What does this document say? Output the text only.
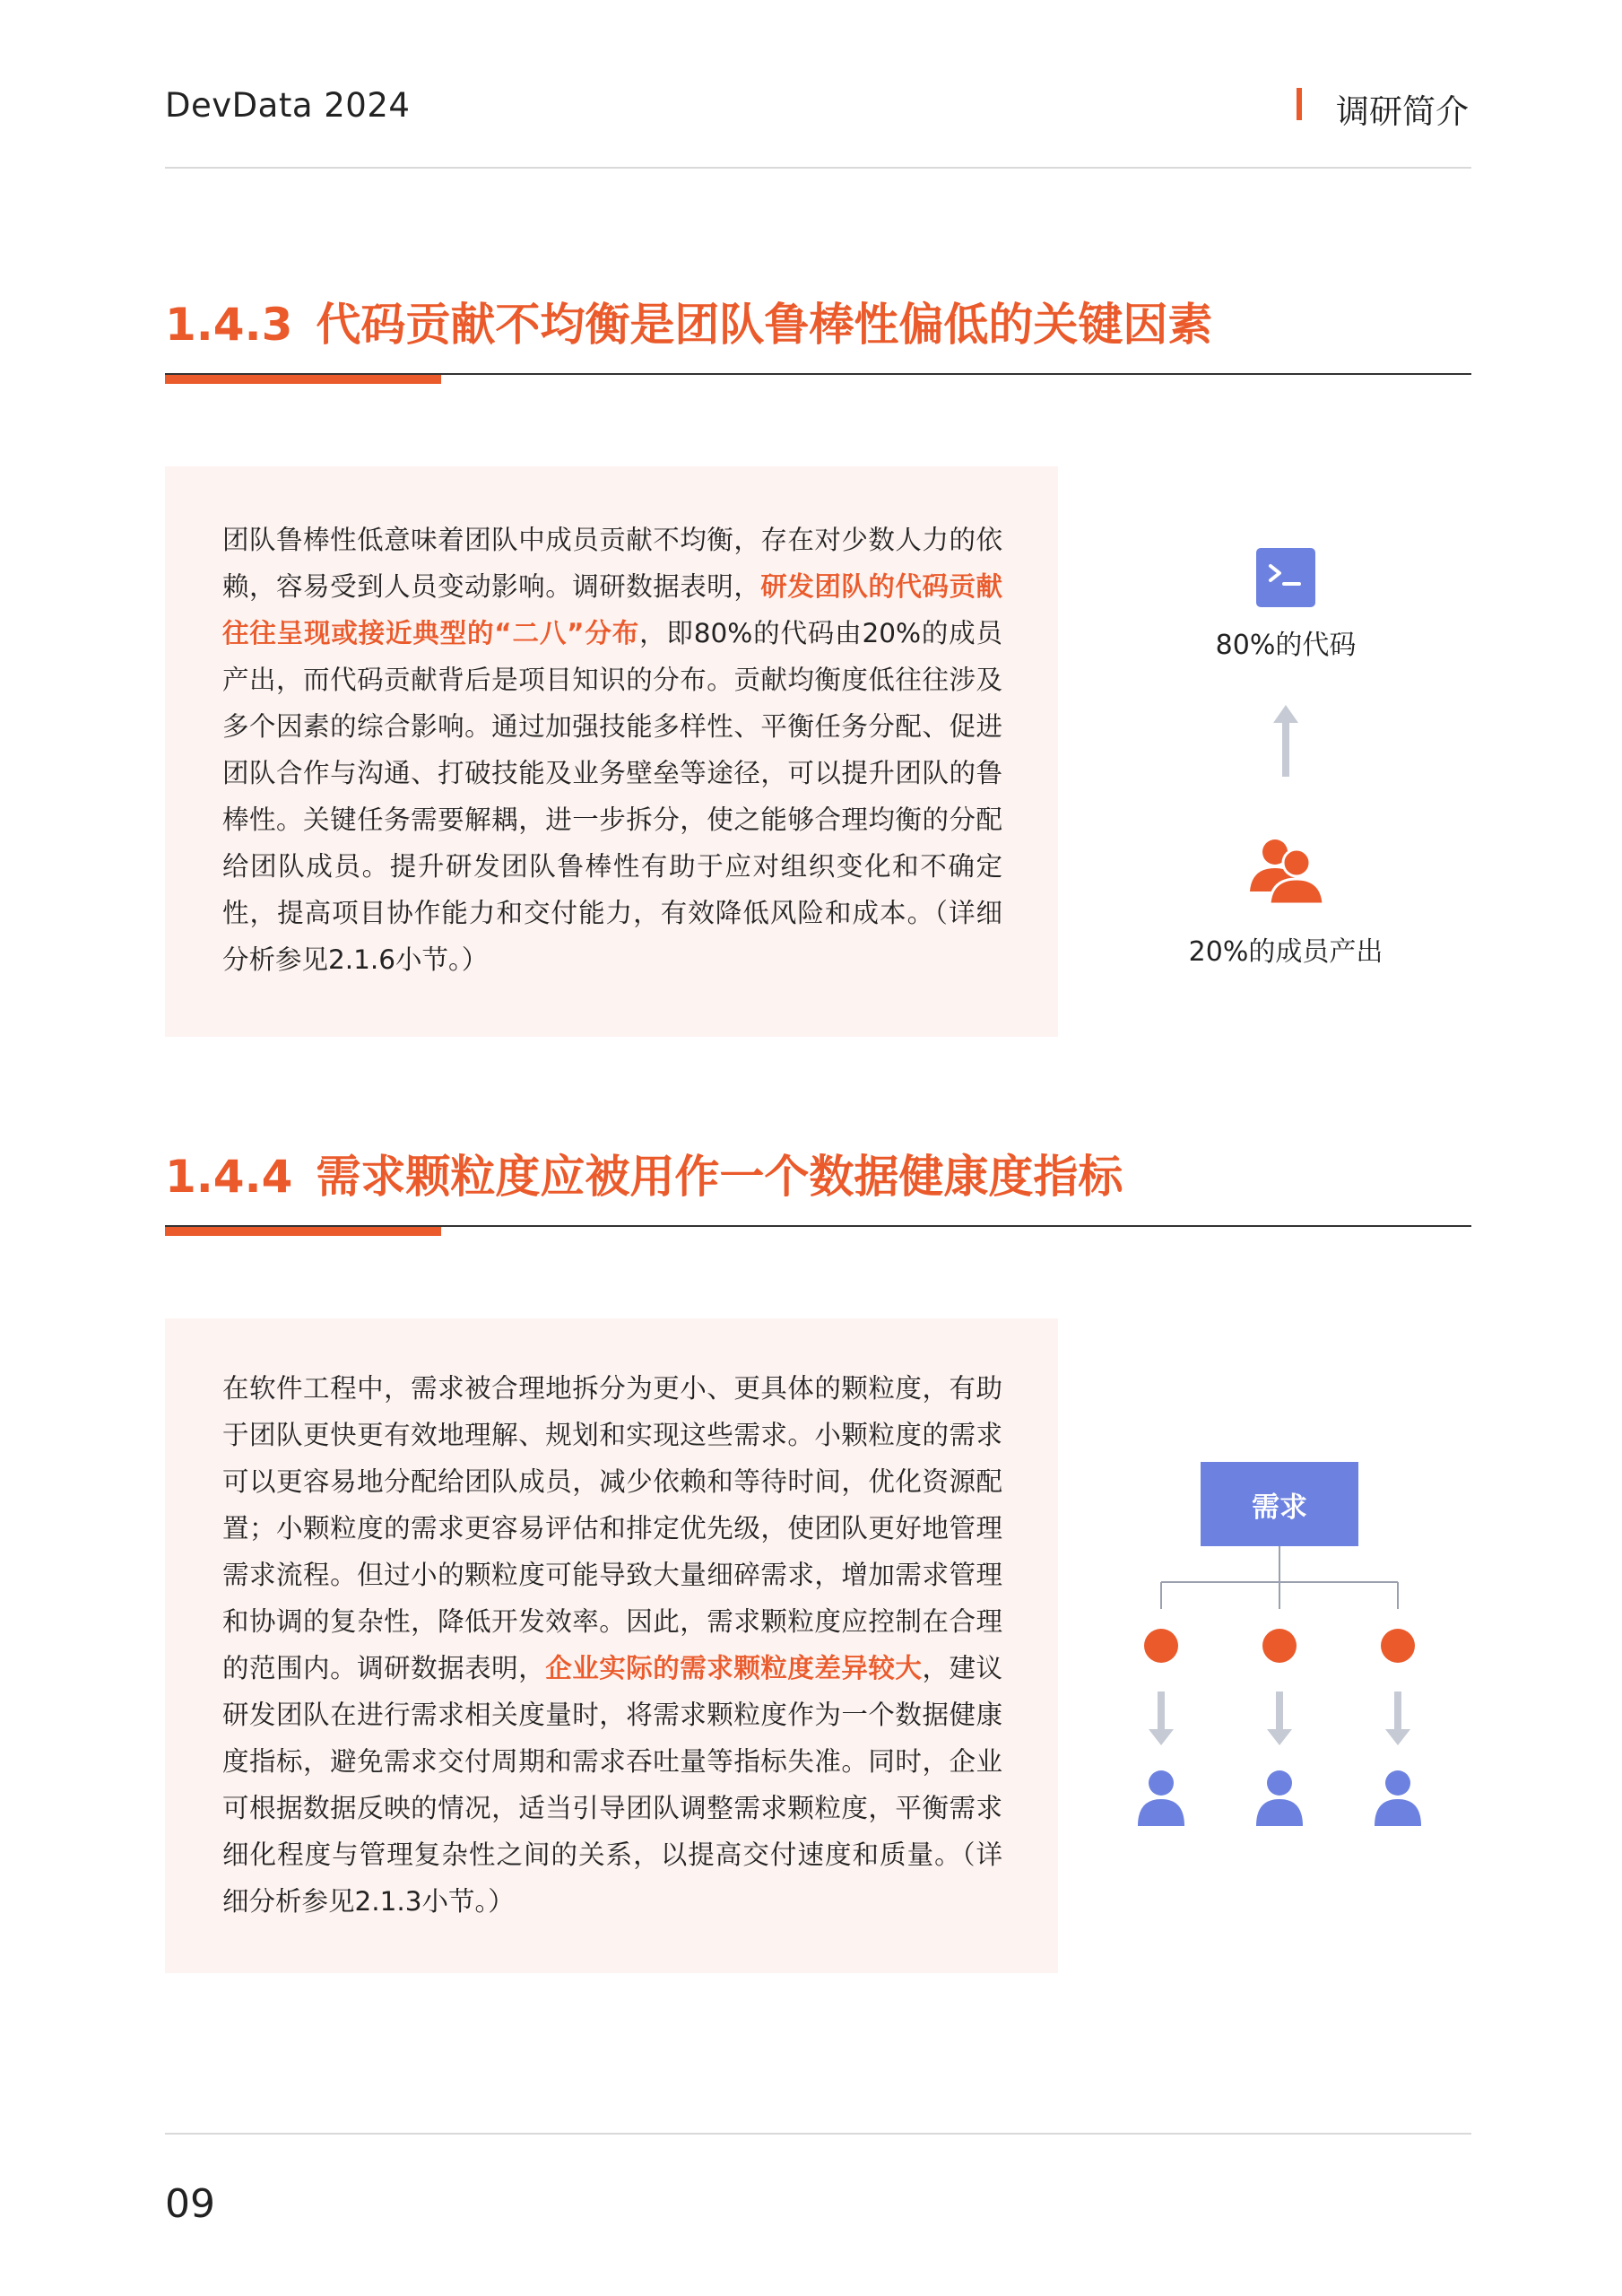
DevData 2024	调研简介
1.4.3 代码贡献不均衡是团队鲁棒性偏低的关键因素

团队鲁棒性低意味着团队中成员贡献不均衡，存在对少数人力的依赖，容易受到人员变动影响。调研数据表明，研发团队的代码贡献往往呈现或接近典型的“二八”分布，即80%的代码由20%的成员产出，而代码贡献背后是项目知识的分布。贡献均衡度低往往涉及多个因素的综合影响。通过加强技能多样性、平衡任务分配、促进团队合作与沟通、打破技能及业务壁垒等途径，可以提升团队的鲁棒性。关键任务需要解耦，进一步拆分，使之能够合理均衡的分配给团队成员。提升研发团队鲁棒性有助于应对组织变化和不确定性，提高项目协作能力和交付能力，有效降低风险和成本。（详细分析参见2.1.6小节。）

80%的代码
20%的成员产出
1.4.4 需求颗粒度应被用作一个数据健康度指标

在软件工程中，需求被合理地拆分为更小、更具体的颗粒度，有助于团队更快更有效地理解、规划和实现这些需求。小颗粒度的需求可以更容易地分配给团队成员，减少依赖和等待时间，优化资源配置；小颗粒度的需求更容易评估和排定优先级，使团队更好地管理需求流程。但过小的颗粒度可能导致大量细碎需求，增加需求管理和协调的复杂性，降低开发效率。因此，需求颗粒度应控制在合理的范围内。调研数据表明，企业实际的需求颗粒度差异较大，建议研发团队在进行需求相关度量时，将需求颗粒度作为一个数据健康度指标，避免需求交付周期和需求吞吐量等指标失准。同时，企业可根据数据反映的情况，适当引导团队调整需求颗粒度，平衡需求细化程度与管理复杂性之间的关系，以提高交付速度和质量。（详细分析参见2.1.3小节。）

需求
09
